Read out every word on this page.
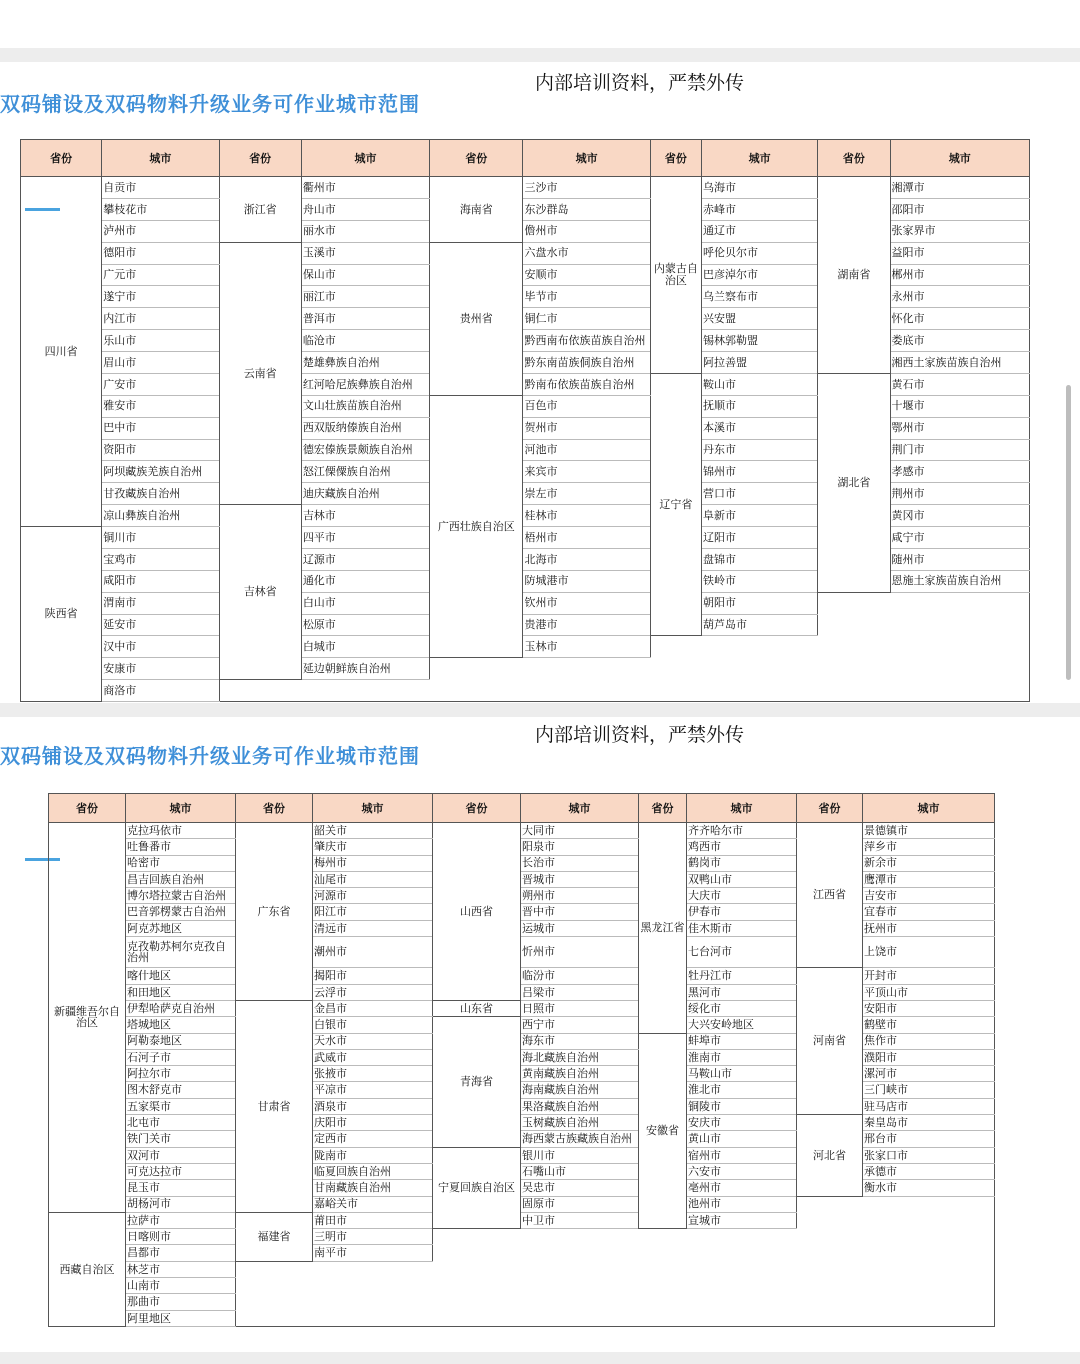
双码铺设及双码物料升级业务可作业城市范围
内部培训资料，严禁外传
省份	城市	省份	城市	省份	城市	省份	城市	省份	城市
四川省	自贡市	浙江省	衢州市	海南省	三沙市	内蒙古自治区	乌海市	湖南省	湘潭市
	攀枝花市		舟山市		东沙群岛		赤峰市		邵阳市
	泸州市		丽水市		儋州市		通辽市		张家界市
	德阳市	云南省	玉溪市	贵州省	六盘水市		呼伦贝尔市		益阳市
	广元市		保山市		安顺市		巴彦淖尔市		郴州市
	遂宁市		丽江市		毕节市		乌兰察布市		永州市
	内江市		普洱市		铜仁市		兴安盟		怀化市
	乐山市		临沧市		黔西南布依族苗族自治州		锡林郭勒盟		娄底市
	眉山市		楚雄彝族自治州		黔东南苗族侗族自治州		阿拉善盟		湘西土家族苗族自治州
	广安市		红河哈尼族彝族自治州		黔南布依族苗族自治州	辽宁省	鞍山市	湖北省	黄石市
	雅安市		文山壮族苗族自治州	广西壮族自治区	百色市		抚顺市		十堰市
	巴中市		西双版纳傣族自治州		贺州市		本溪市		鄂州市
	资阳市		德宏傣族景颇族自治州		河池市		丹东市		荆门市
	阿坝藏族羌族自治州		怒江傈僳族自治州		来宾市		锦州市		孝感市
	甘孜藏族自治州		迪庆藏族自治州		崇左市		营口市		荆州市
	凉山彝族自治州	吉林省	吉林市		桂林市		阜新市		黄冈市
陕西省	铜川市		四平市		梧州市		辽阳市		咸宁市
	宝鸡市		辽源市		北海市		盘锦市		随州市
	咸阳市		通化市		防城港市		铁岭市		恩施土家族苗族自治州
	渭南市		白山市		钦州市		朝阳市		
	延安市		松原市		贵港市		葫芦岛市		
	汉中市		白城市		玉林市				
	安康市		延边朝鲜族自治州						
	商洛市								
双码铺设及双码物料升级业务可作业城市范围
内部培训资料，严禁外传
省份	城市	省份	城市	省份	城市	省份	城市	省份	城市
新疆维吾尔自治区	克拉玛依市	广东省	韶关市	山西省	大同市	黑龙江省	齐齐哈尔市	江西省	景德镇市
	吐鲁番市		肇庆市		阳泉市		鸡西市		萍乡市
	哈密市		梅州市		长治市		鹤岗市		新余市
	昌吉回族自治州		汕尾市		晋城市		双鸭山市		鹰潭市
	博尔塔拉蒙古自治州		河源市		朔州市		大庆市		吉安市
	巴音郭楞蒙古自治州		阳江市		晋中市		伊春市		宜春市
	阿克苏地区		清远市		运城市		佳木斯市		抚州市
	克孜勒苏柯尔克孜自治州		潮州市		忻州市		七台河市		上饶市
	喀什地区		揭阳市		临汾市		牡丹江市	河南省	开封市
	和田地区		云浮市		吕梁市		黑河市		平顶山市
	伊犁哈萨克自治州	甘肃省	金昌市	山东省	日照市		绥化市		安阳市
	塔城地区		白银市	青海省	西宁市		大兴安岭地区		鹤壁市
	阿勒泰地区		天水市		海东市	安徽省	蚌埠市		焦作市
	石河子市		武威市		海北藏族自治州		淮南市		濮阳市
	阿拉尔市		张掖市		黄南藏族自治州		马鞍山市		漯河市
	图木舒克市		平凉市		海南藏族自治州		淮北市		三门峡市
	五家渠市		酒泉市		果洛藏族自治州		铜陵市		驻马店市
	北屯市		庆阳市		玉树藏族自治州		安庆市	河北省	秦皇岛市
	铁门关市		定西市		海西蒙古族藏族自治州		黄山市		邢台市
	双河市		陇南市	宁夏回族自治区	银川市		宿州市		张家口市
	可克达拉市		临夏回族自治州		石嘴山市		六安市		承德市
	昆玉市		甘南藏族自治州		吴忠市		亳州市		衡水市
	胡杨河市		嘉峪关市		固原市		池州市		
西藏自治区	拉萨市	福建省	莆田市		中卫市		宣城市		
	日喀则市		三明市						
	昌都市		南平市						
	林芝市								
	山南市								
	那曲市								
	阿里地区								
